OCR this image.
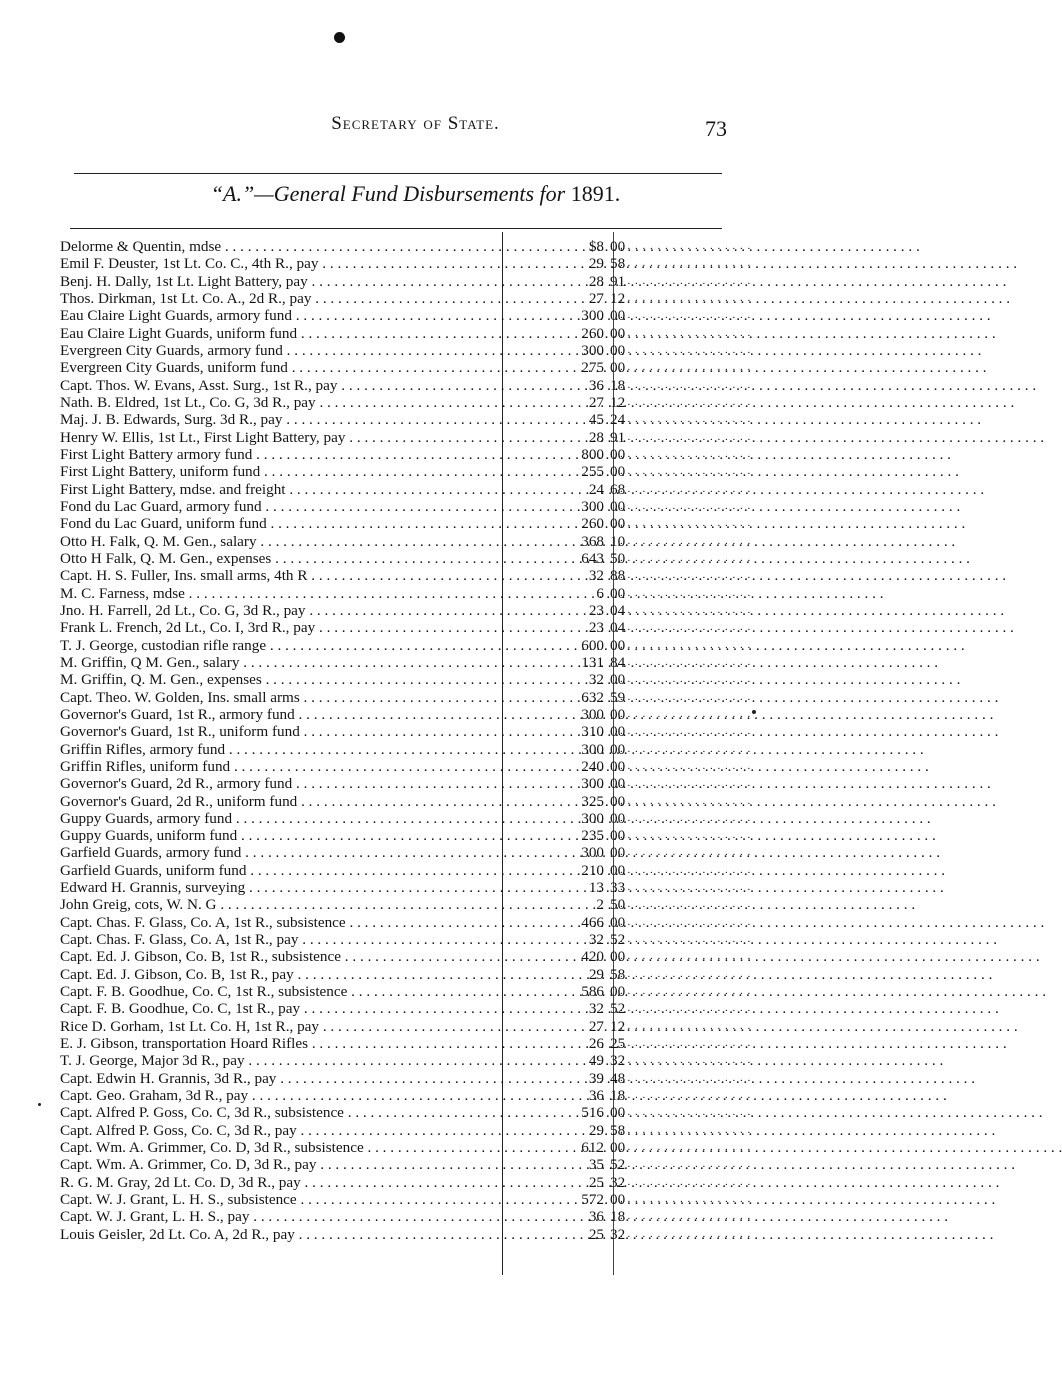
Secretary of State.	73
“A.”—General Fund Disbursements for 1891.
Delorme & Quentin, mdse . . .	$8 00
. . . . . . . . . . . . . . . . . .
Emil F. Deuster, 1st Lt. Co. C., 4th R., pay . . .	29 58
. . . . . . . . . . . . . . . . . .
Benj. H. Dally, 1st Lt. Light Battery, pay . . .	28 91
. . . . . . . . . . . . . . . . . .
Thos. Dirkman, 1st Lt. Co. A., 2d R., pay . . .	27 12
. . . . . . . . . . . . . . . . . .
Eau Claire Light Guards, armory fund . . .	300 00
. . . . . . . . . . . . . . . . . .
Eau Claire Light Guards, uniform fund . . .	260 00
. . . . . . . . . . . . . . . . . .
Evergreen City Guards, armory fund . . .	300 00
. . . . . . . . . . . . . . . . . .
Evergreen City Guards, uniform fund . . .	275 00
. . . . . . . . . . . . . . . . . .
Capt. Thos. W. Evans, Asst. Surg., 1st R., pay . . .	36 18
. . . . . . . . . . . . . . . . . .
Nath. B. Eldred, 1st Lt., Co. G, 3d R., pay . . .	27 12
. . . . . . . . . . . . . . . . . .
Maj. J. B. Edwards, Surg. 3d R., pay . . .	45 24
. . . . . . . . . . . . . . . . . .
Henry W. Ellis, 1st Lt., First Light Battery, pay . . .	28 91
. . . . . . . . . . . . . . . . . .
First Light Battery armory fund . . .	800 00
. . . . . . . . . . . . . . . . . .
First Light Battery, uniform fund . . .	255 00
. . . . . . . . . . . . . . . . . .
First Light Battery, mdse. and freight . . .	24 68
. . . . . . . . . . . . . . . . . .
Fond du Lac Guard, armory fund . . .	300 00
. . . . . . . . . . . . . . . . . .
Fond du Lac Guard, uniform fund . . .	260 00
. . . . . . . . . . . . . . . . . .
Otto H. Falk, Q. M. Gen., salary . . .	368 10
. . . . . . . . . . . . . . . . . .
Otto H Falk, Q. M. Gen., expenses . . .	643 50
. . . . . . . . . . . . . . . . . .
Capt. H. S. Fuller, Ins. small arms, 4th R . . .	32 88
. . . . . . . . . . . . . . . . . .
M. C. Farness, mdse . . .	6 00
. . . . . . . . . . . . . . . . . .
Jno. H. Farrell, 2d Lt., Co. G, 3d R., pay . . .	23 04
. . . . . . . . . . . . . . . . . .
Frank L. French, 2d Lt., Co. I, 3rd R., pay . . .	23 04
. . . . . . . . . . . . . . . . . .
T. J. George, custodian rifle range . . .	600 00
. . . . . . . . . . . . . . . . . .
M. Griffin, Q M. Gen., salary . . .	131 84
. . . . . . . . . . . . . . . . . .
M. Griffin, Q. M. Gen., expenses . . .	32 00
. . . . . . . . . . . . . . . . . .
Capt. Theo. W. Golden, Ins. small arms . . .	632 59
. . . . . . . . . . . . . . . . . .
Governor's Guard, 1st R., armory fund . . .	300 00
. . . . . . . . . . . . . . . . . .
Governor's Guard, 1st R., uniform fund . . .	310 00
. . . . . . . . . . . . . . . . . .
Griffin Rifles, armory fund . . .	300 00
. . . . . . . . . . . . . . . . . .
Griffin Rifles, uniform fund . . .	240 00
. . . . . . . . . . . . . . . . . .
Governor's Guard, 2d R., armory fund . . .	300 00
. . . . . . . . . . . . . . . . . .
Governor's Guard, 2d R., uniform fund . . .	325 00
. . . . . . . . . . . . . . . . . .
Guppy Guards, armory fund . . .	300 00
. . . . . . . . . . . . . . . . . .
Guppy Guards, uniform fund . . .	235 00
. . . . . . . . . . . . . . . . . .
Garfield Guards, armory fund . . .	300 00
. . . . . . . . . . . . . . . . . .
Garfield Guards, uniform fund . . .	210 00
. . . . . . . . . . . . . . . . . .
Edward H. Grannis, surveying . . .	13 33
. . . . . . . . . . . . . . . . . .
John Greig, cots, W. N. G . . .	2 50
. . . . . . . . . . . . . . . . . .
Capt. Chas. F. Glass, Co. A, 1st R., subsistence . . .	466 00
. . . . . . . . . . . . . . . . . .
Capt. Chas. F. Glass, Co. A, 1st R., pay . . .	32 52
. . . . . . . . . . . . . . . . . .
Capt. Ed. J. Gibson, Co. B, 1st R., subsistence . . .	420 00
. . . . . . . . . . . . . . . . . .
Capt. Ed. J. Gibson, Co. B, 1st R., pay . . .	29 58
. . . . . . . . . . . . . . . . . .
Capt. F. B. Goodhue, Co. C, 1st R., subsistence . . .	586 00
. . . . . . . . . . . . . . . . . .
Capt. F. B. Goodhue, Co. C, 1st R., pay . . .	32 52
. . . . . . . . . . . . . . . . . .
Rice D. Gorham, 1st Lt. Co. H, 1st R., pay . . .	27 12
. . . . . . . . . . . . . . . . . .
E. J. Gibson, transportation Hoard Rifles . . .	26 25
. . . . . . . . . . . . . . . . . .
T. J. George, Major 3d R., pay . . .	49 32
. . . . . . . . . . . . . . . . . .
Capt. Edwin H. Grannis, 3d R., pay . . .	39 48
. . . . . . . . . . . . . . . . . .
Capt. Geo. Graham, 3d R., pay . . .	36 18
. . . . . . . . . . . . . . . . . .
Capt. Alfred P. Goss, Co. C, 3d R., subsistence . . .	516 00
. . . . . . . . . . . . . . . . . .
Capt. Alfred P. Goss, Co. C, 3d R., pay . . .	29 58
. . . . . . . . . . . . . . . . . .
Capt. Wm. A. Grimmer, Co. D, 3d R., subsistence . . .	612 00
. . . . . . . . . . . . . . . . . .
Capt. Wm. A. Grimmer, Co. D, 3d R., pay . . .	35 52
. . . . . . . . . . . . . . . . . .
R. G. M. Gray, 2d Lt. Co. D, 3d R., pay . . .	25 32
. . . . . . . . . . . . . . . . . .
Capt. W. J. Grant, L. H. S., subsistence . . .	572 00
. . . . . . . . . . . . . . . . . .
Capt. W. J. Grant, L. H. S., pay . . .	36 18
. . . . . . . . . . . . . . . . . .
Louis Geisler, 2d Lt. Co. A, 2d R., pay . . .	25 32
. . . . . . . . . . . . . . . . . .
